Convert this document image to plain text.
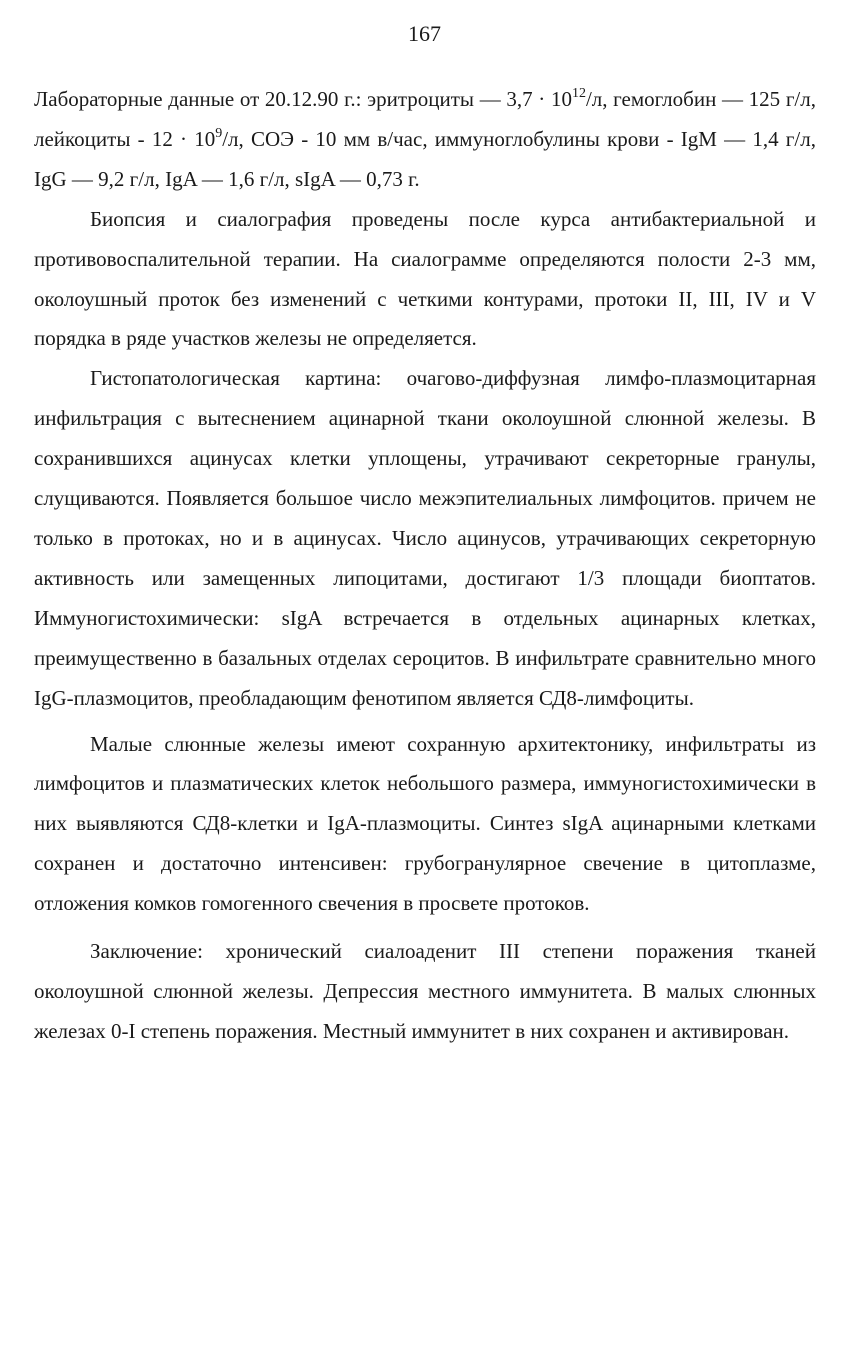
167

Лабораторные данные от 20.12.90 г.: эритроциты — $3,7 \cdot 10^{12}/л$, гемоглобин — 125 г/л, лейкоциты - $12 \cdot 10^9/л$, СОЭ - 10 мм в/час, иммуноглобулины крови - IgM — 1,4 г/л, IgG — 9,2 г/л, IgA — 1,6 г/л, sIgA — 0,73 г.

Биопсия и сиалография проведены после курса антибактериальной и противовоспалительной терапии. На сиалограмме определяются полости 2-3 мм, околоушный проток без изменений с четкими контурами, протоки II, III, IV и V порядка в ряде участков железы не определяется.

Гистопатологическая картина: очагово-диффузная лимфо-плазмоцитарная инфильтрация с вытеснением ацинарной ткани околоушной слюнной железы. В сохранившихся ацинусах клетки уплощены, утрачивают секреторные гранулы, слущиваются. Появляется большое число межэпителиальных лимфоцитов. причем не только в протоках, но и в ацинусах. Число ацинусов, утрачивающих секреторную активность или замещенных липоцитами, достигают 1/3 площади биоптатов. Иммуногистохимически: sIgA встречается в отдельных ацинарных клетках, преимущественно в базальных отделах сероцитов. В инфильтрате сравнительно много IgG-плазмоцитов, преобладающим фенотипом является СД8-лимфоциты.

Малые слюнные железы имеют сохранную архитектонику, инфильтраты из лимфоцитов и плазматических клеток небольшого размера, иммуногистохимически в них выявляются СД8-клетки и IgA-плазмоциты. Синтез sIgA ацинарными клетками сохранен и достаточно интенсивен: грубогранулярное свечение в цитоплазме, отложения комков гомогенного свечения в просвете протоков.

Заключение: хронический сиалоаденит III степени поражения тканей околоушной слюнной железы. Депрессия местного иммунитета. В малых слюнных железах 0-I степень поражения. Местный иммунитет в них сохранен и активирован.
